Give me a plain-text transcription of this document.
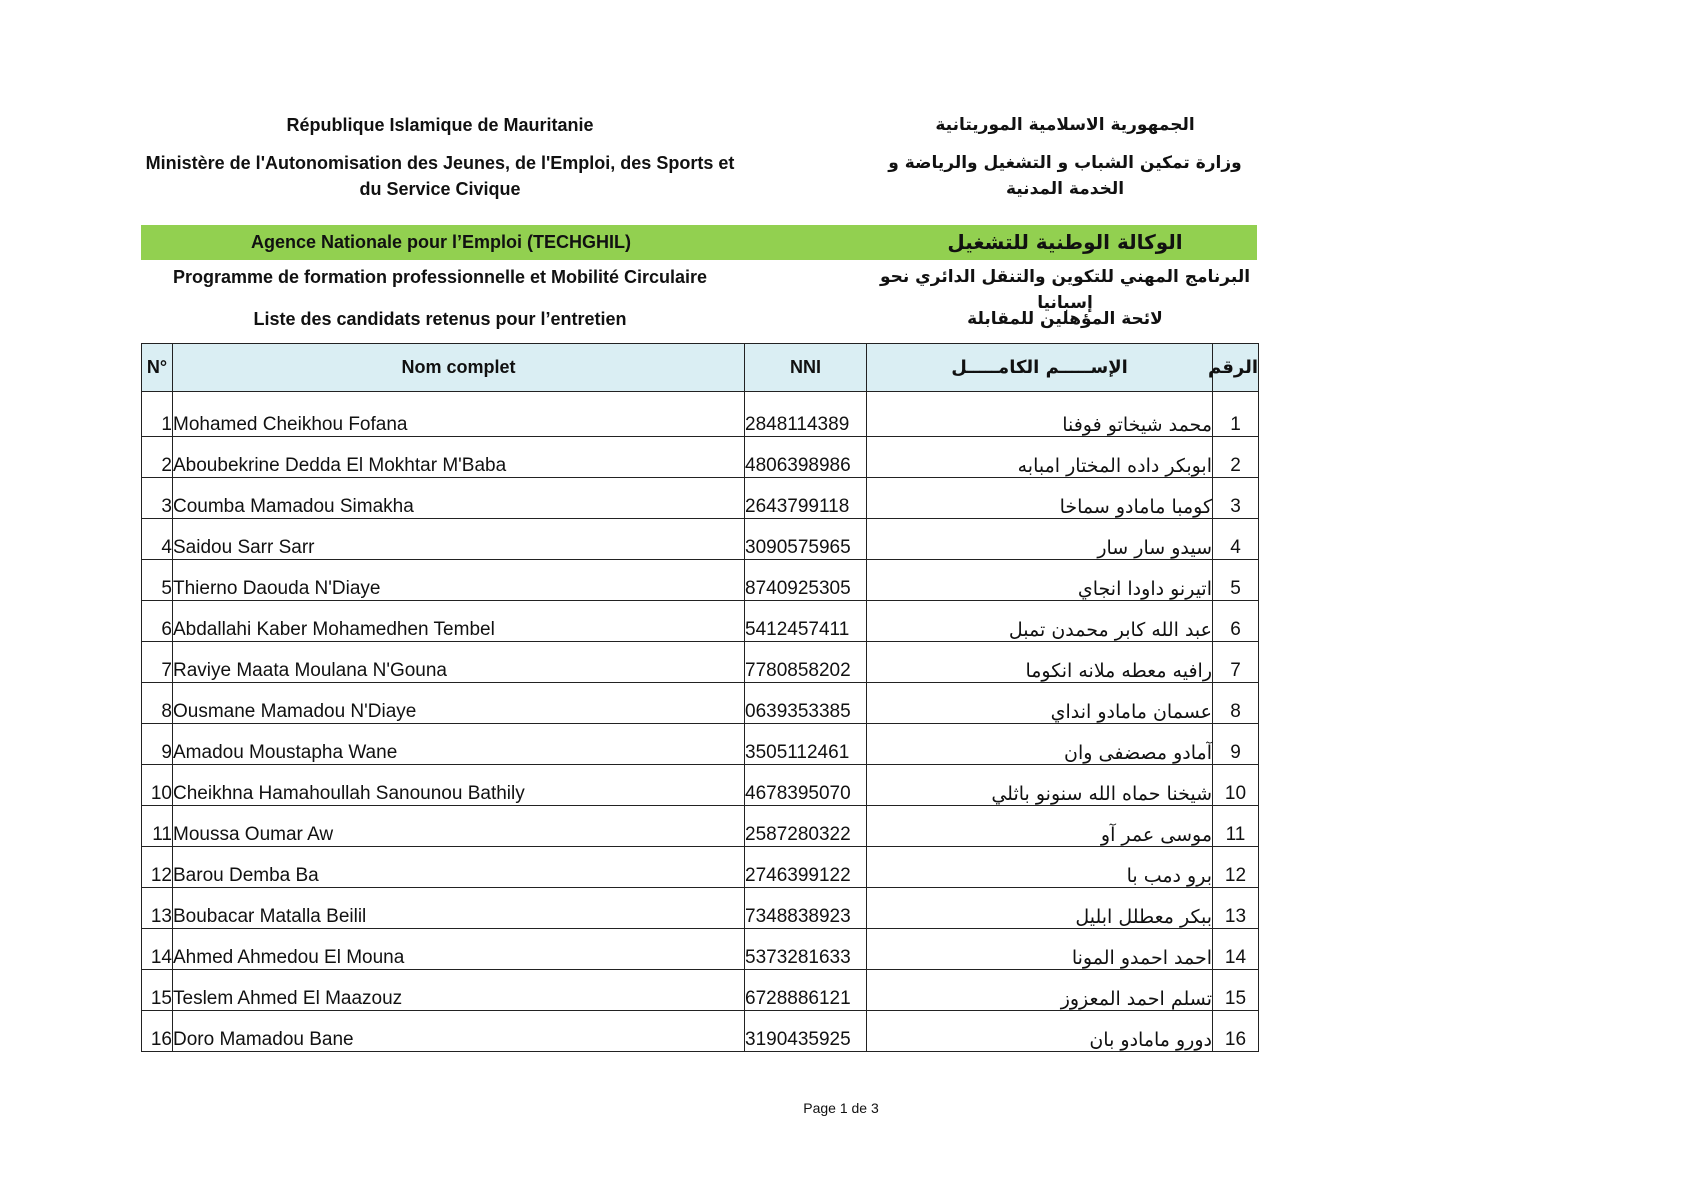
République Islamique de Mauritanie
Ministère de l'Autonomisation des Jeunes, de l'Emploi, des Sports et du Service Civique
الجمهورية الاسلامية الموريتانية
وزارة تمكين الشباب و التشغيل والرياضة و الخدمة المدنية
Agence Nationale pour l’Emploi (TECHGHIL)	الوكالة الوطنية للتشغيل
Programme de formation professionnelle et Mobilité Circulaire	البرنامج المهني للتكوين والتنقل الدائري نحو إسبانيا
Liste des candidats retenus pour l’entretien	لائحة المؤهلين للمقابلة
N°	Nom complet	NNI	الإســـــم الكامـــــل	الرقم
1	Mohamed Cheikhou Fofana	2848114389	محمد شيخاتو فوفنا	1
2	Aboubekrine Dedda El Mokhtar M'Baba	4806398986	ابوبكر داده المختار امبابه	2
3	Coumba Mamadou Simakha	2643799118	كومبا مامادو سماخا	3
4	Saidou Sarr Sarr	3090575965	سيدو سار سار	4
5	Thierno Daouda N'Diaye	8740925305	اتيرنو داودا انجاي	5
6	Abdallahi Kaber Mohamedhen Tembel	5412457411	عبد الله كابر محمدن تمبل	6
7	Raviye Maata Moulana N'Gouna	7780858202	رافيه معطه ملانه انكوما	7
8	Ousmane Mamadou N'Diaye	0639353385	عسمان مامادو انداي	8
9	Amadou Moustapha Wane	3505112461	آمادو مصضفى وان	9
10	Cheikhna Hamahoullah Sanounou Bathily	4678395070	شيخنا حماه الله سنونو باثلي	10
11	Moussa Oumar Aw	2587280322	موسى عمر آو	11
12	Barou Demba Ba	2746399122	برو دمب با	12
13	Boubacar Matalla Beilil	7348838923	ببكر معطلل ابليل	13
14	Ahmed Ahmedou El Mouna	5373281633	احمد احمدو المونا	14
15	Teslem Ahmed El Maazouz	6728886121	تسلم احمد المعزوز	15
16	Doro Mamadou Bane	3190435925	دورو مامادو بان	16
Page 1 de 3
